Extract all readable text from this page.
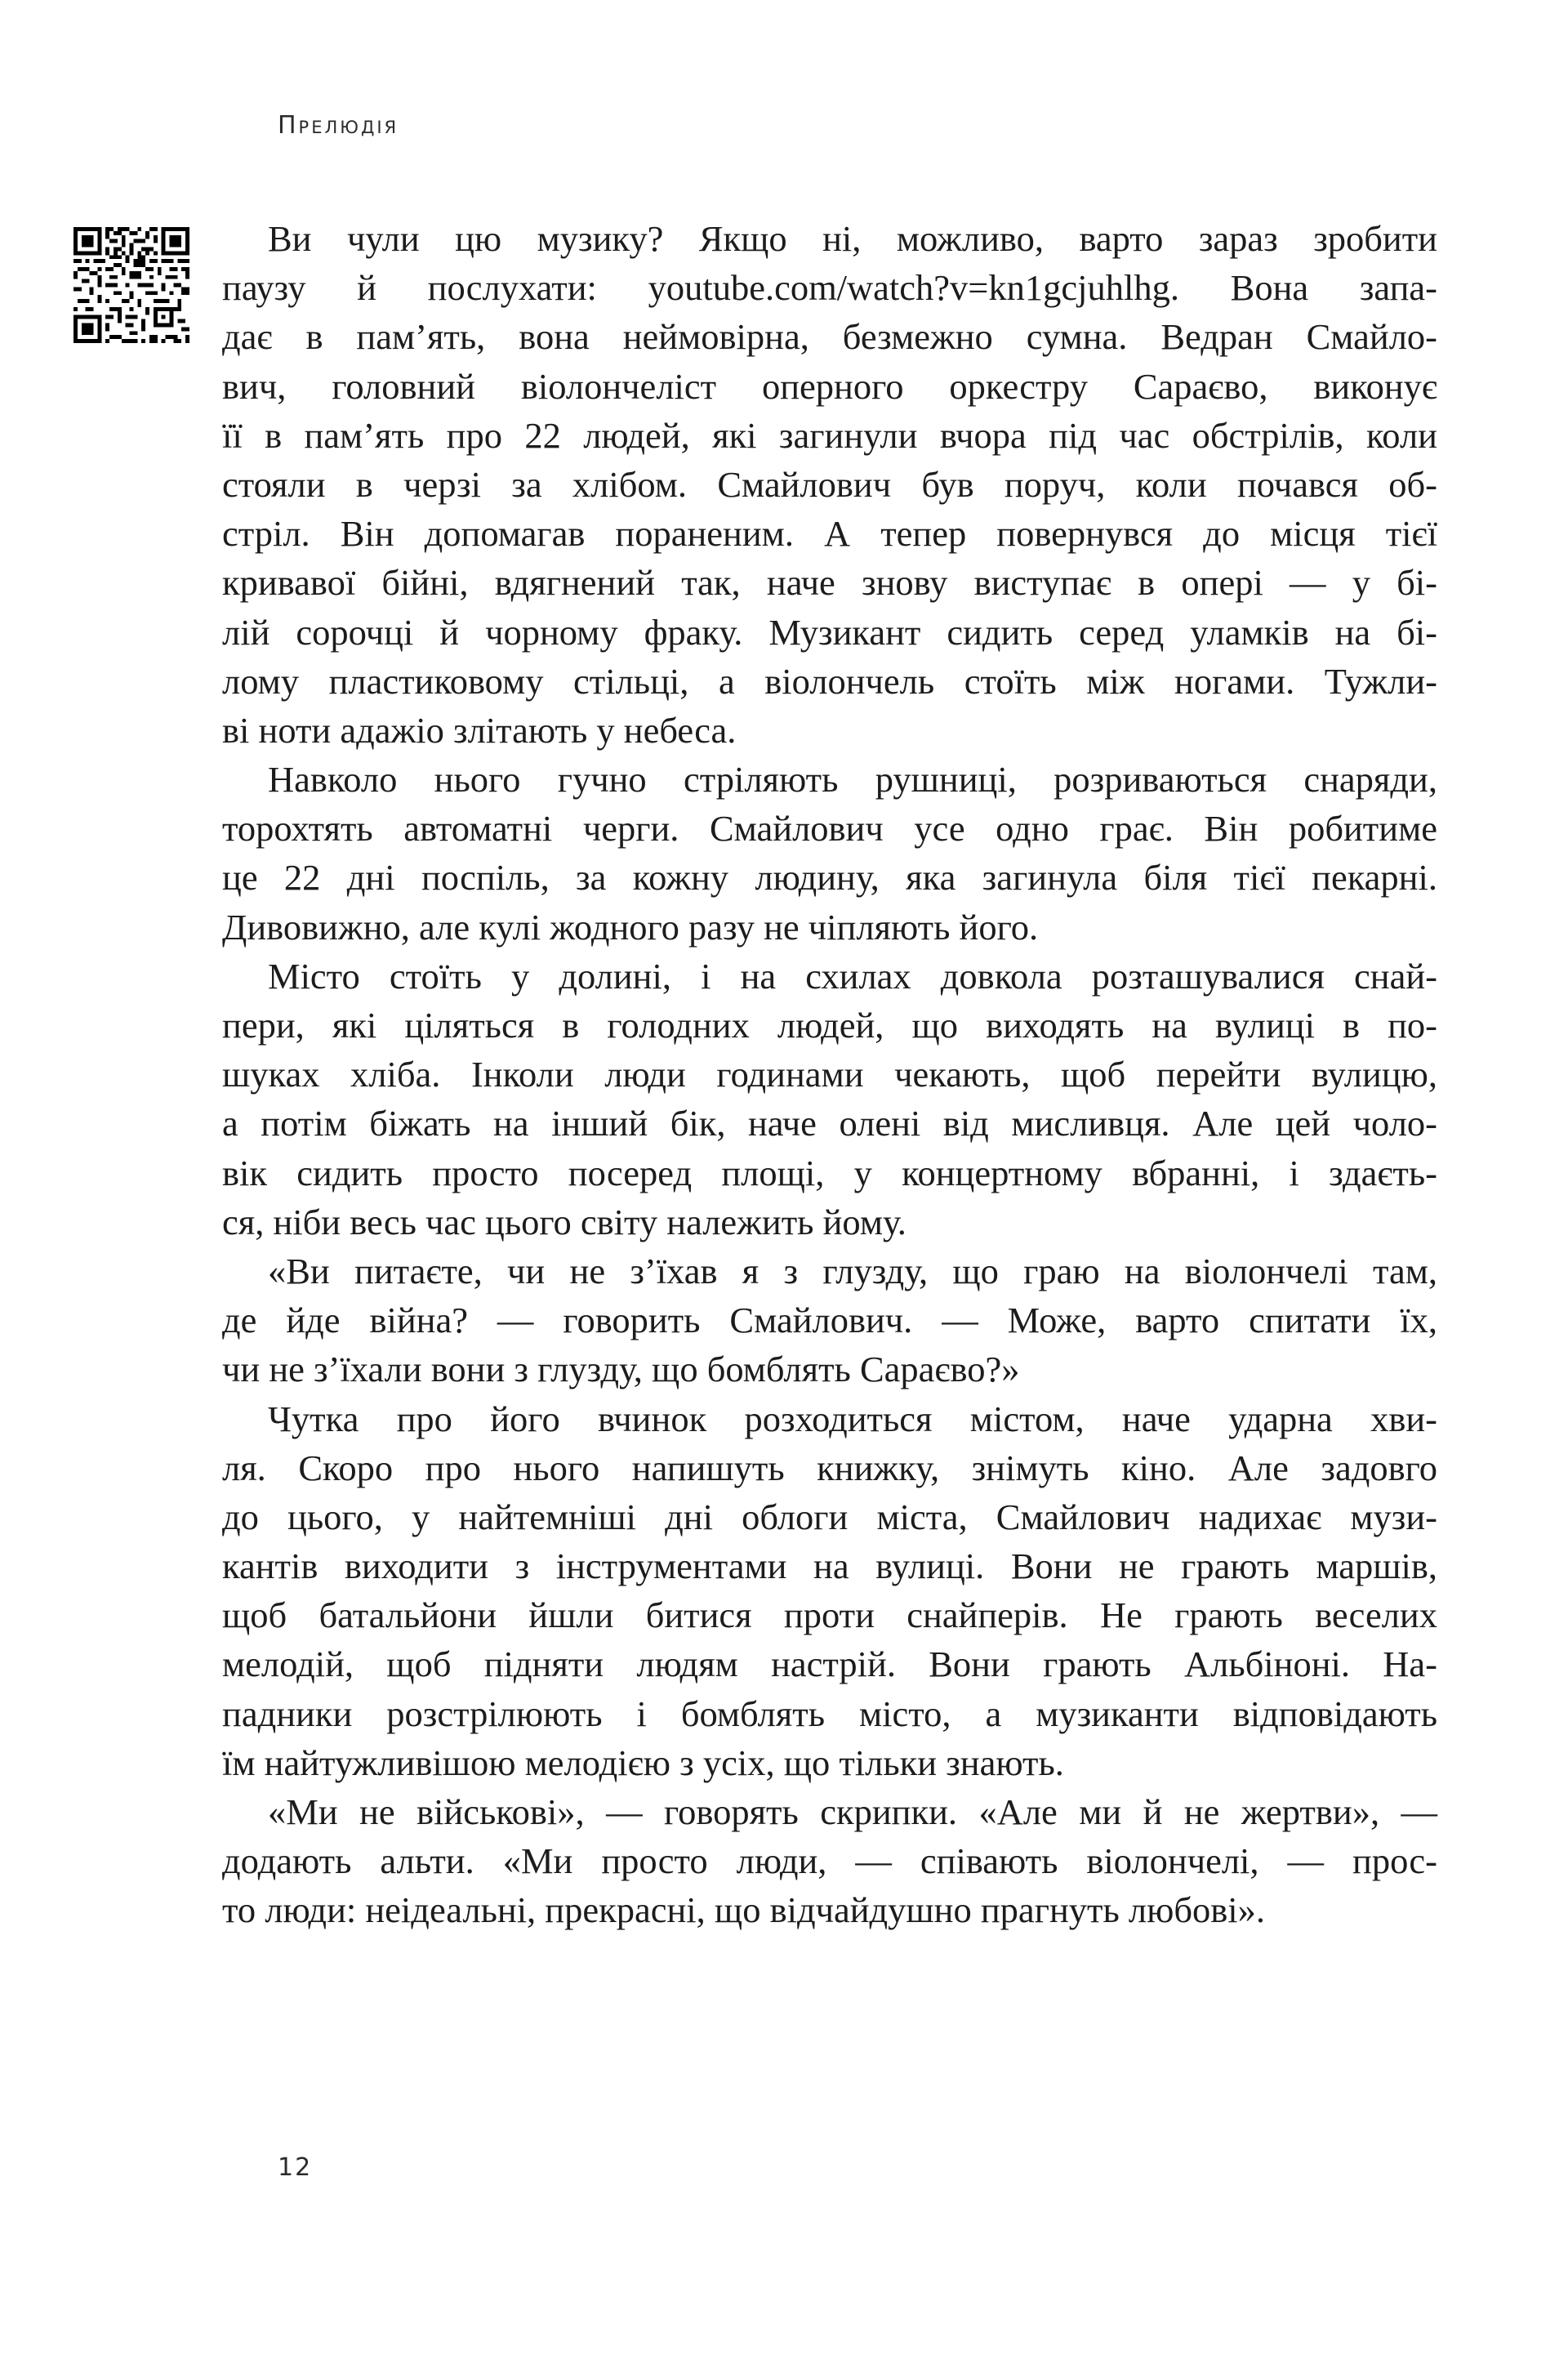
Прелюдія
Ви чули цю музику? Якщо ні, можливо, варто зараз зробити
паузу й послухати: youtube.com/watch?v=kn1gcjuhlhg. Вона запа-
дає в пам’ять, вона неймовірна, безмежно сумна. Ведран Смайло-
вич, головний віолончеліст оперного оркестру Сараєво, виконує
її в пам’ять про 22 людей, які загинули вчора під час обстрілів, коли
стояли в черзі за хлібом. Смайлович був поруч, коли почався об-
стріл. Він допомагав пораненим. А тепер повернувся до місця тієї
кривавої бійні, вдягнений так, наче знову виступає в опері — у бі-
лій сорочці й чорному фраку. Музикант сидить серед уламків на бі-
лому пластиковому стільці, а віолончель стоїть між ногами. Тужли-
ві ноти адажіо злітають у небеса.
Навколо нього гучно стріляють рушниці, розриваються снаряди,
торохтять автоматні черги. Смайлович усе одно грає. Він робитиме
це 22 дні поспіль, за кожну людину, яка загинула біля тієї пекарні.
Дивовижно, але кулі жодного разу не чіпляють його.
Місто стоїть у долині, і на схилах довкола розташувалися снай-
пери, які ціляться в голодних людей, що виходять на вулиці в по-
шуках хліба. Інколи люди годинами чекають, щоб перейти вулицю,
а потім біжать на інший бік, наче олені від мисливця. Але цей чоло-
вік сидить просто посеред площі, у концертному вбранні, і здаєть-
ся, ніби весь час цього світу належить йому.
«Ви питаєте, чи не з’їхав я з глузду, що граю на віолончелі там,
де йде війна? — говорить Смайлович. — Може, варто спитати їх,
чи не з’їхали вони з глузду, що бомблять Сараєво?»
Чутка про його вчинок розходиться містом, наче ударна хви-
ля. Скоро про нього напишуть книжку, знімуть кіно. Але задовго
до цього, у найтемніші дні облоги міста, Смайлович надихає музи-
кантів виходити з інструментами на вулиці. Вони не грають маршів,
щоб батальйони йшли битися проти снайперів. Не грають веселих
мелодій, щоб підняти людям настрій. Вони грають Альбіноні. На-
падники розстрілюють і бомблять місто, а музиканти відповідають
їм найтужливішою мелодією з усіх, що тільки знають.
«Ми не військові», — говорять скрипки. «Але ми й не жертви», —
додають альти. «Ми просто люди, — співають віолончелі, — прос-
то люди: неідеальні, прекрасні, що відчайдушно прагнуть любові».
12
